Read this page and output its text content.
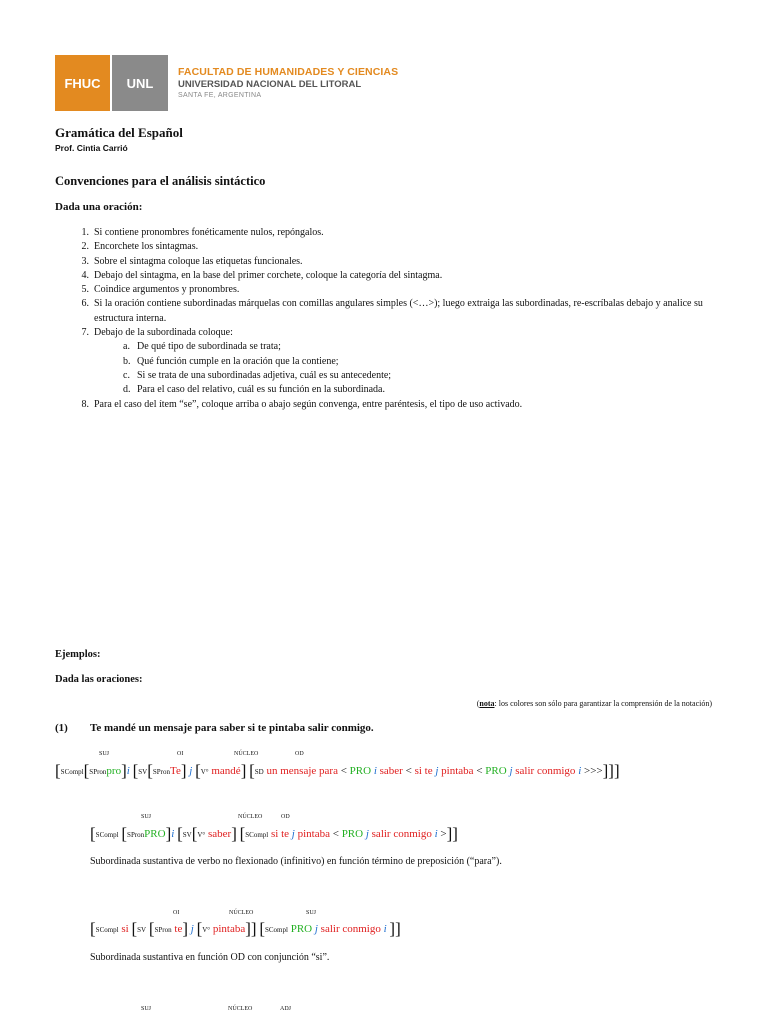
FHUC	UNL
FACULTAD DE HUMANIDADES Y CIENCIAS
UNIVERSIDAD NACIONAL DEL LITORAL
SANTA FE, ARGENTINA
Gramática del Español
Prof. Cintia Carrió
Convenciones para el análisis sintáctico
Dada una oración:
1. Si contiene pronombres fonéticamente nulos, repóngalos.
2. Encorchete los sintagmas.
3. Sobre el sintagma coloque las etiquetas funcionales.
4. Debajo del sintagma, en la base del primer corchete, coloque la categoría del sintagma.
5. Coindice argumentos y pronombres.
6. Si la oración contiene subordinadas márquelas con comillas angulares simples (<…>); luego extraiga las subordinadas, re-escríbalas debajo y analice su estructura interna.
7. Debajo de la subordinada coloque:
a. De qué tipo de subordinada se trata;
b. Qué función cumple en la oración que la contiene;
c. Si se trata de una subordinadas adjetiva, cuál es su antecedente;
d. Para el caso del relativo, cuál es su función en la subordinada.
8. Para el caso del ítem “se”, coloque arriba o abajo según convenga, entre paréntesis, el tipo de uso activado.
Ejemplos:
Dada las oraciones:
(nota: los colores son sólo para garantizar la comprensión de la notación)
(1) Te mandé un mensaje para saber si te pintaba salir conmigo.
SUJ	OI	NÚCLEO	OD
[SCompl[SPronpro]i [SV[SPronTe] j [V° mandé] [SD un mensaje para < PRO i saber < si te j pintaba < PRO j salir conmigo i >>>]]]
SUJ	NÚCLEO	OD
[SCompl [SPronPRO]i [SV[V° saber] [SCompl si te j pintaba < PRO j salir conmigo i >]]
Subordinada sustantiva de verbo no flexionado (infinitivo) en función término de preposición (“para”).
OI	NÚCLEO	SUJ
[SCompl si [SV [SPron te] j [V° pintaba]] [SCompl PRO j salir conmigo i ]]
Subordinada sustantiva en función OD con conjunción “si”.
SUJ	NÚCLEO	ADJ
